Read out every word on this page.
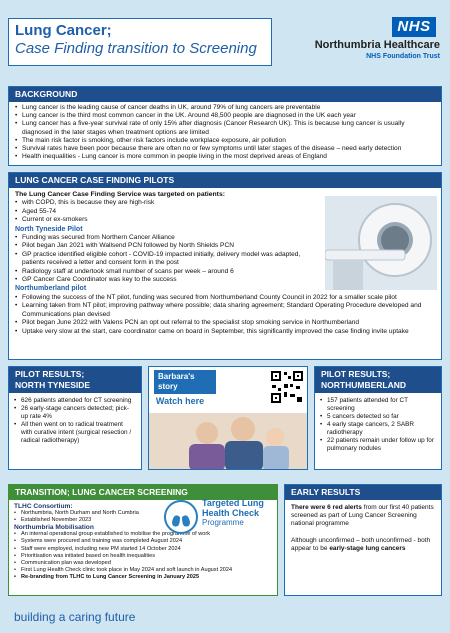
Lung Cancer;
Case Finding transition to Screening
NHS
Northumbria Healthcare
NHS Foundation Trust
BACKGROUND
• Lung cancer is the leading cause of cancer deaths in UK, around 79% of lung cancers are preventable
• Lung cancer is the third most common cancer in the UK. Around 48,500 people are diagnosed in the UK each year
• Lung cancer has a five-year survival rate of only 15% after diagnosis (Cancer Research UK). This is because lung cancer is usually diagnosed in the later stages when treatment options are limited
• The main risk factor is smoking, other risk factors include workplace exposure, air pollution
• Survival rates have been poor because there are often no or few symptoms until later stages of the disease – need early detection
• Health inequalities - Lung cancer is more common in people living in the most deprived areas of England
LUNG CANCER CASE FINDING PILOTS
The Lung Cancer Case Finding Service was targeted on patients:
• with COPD, this is because they are high-risk
• Aged 55-74
• Current or ex-smokers
North Tyneside Pilot
• Funding was secured from Northern Cancer Alliance
• Pilot began Jan 2021 with Wallsend PCN followed by North Shields PCN
• GP practice identified eligible cohort - COVID-19 impacted initially, delivery model was adapted, patients received a letter and consent form in the post
• Radiology staff at undertook small number of scans per week – around 6
• GP Cancer Care Coordinator was key to the success
Northumberland pilot
• Following the success of the NT pilot, funding was secured from Northumberland County Council in 2022 for a smaller scale pilot
• Learning taken from NT pilot; improving pathway where possible; data sharing agreement; Standard Operating Procedure developed and Communications plan devised
• Pilot began June 2022 with Valens PCN an opt out referral to the specialist stop smoking service in Northumberland
• Uptake very slow at the start, care coordinator came on board in September, this significantly improved the case finding invite uptake
PILOT RESULTS;
NORTH TYNESIDE
• 626 patients attended for CT screening
• 26 early-stage cancers detected; pick-up rate 4%
• All then went on to radical treatment with curative intent (surgical resection / radical radiotherapy)
Barbara's story
Watch here
PILOT RESULTS;
NORTHUMBERLAND
• 157 patients attended for CT screening
• 5 cancers detected so far
• 4 early stage cancers, 2 SABR radiotherapy
• 22 patients remain under follow up for pulmonary nodules
TRANSITION; LUNG CANCER SCREENING
TLHC Consortium:
• Northumbria, North Durham and North Cumbria
• Established November 2023
Northumbria Mobilisation
• An internal operational group established to mobilise the programme of work
• Systems were procured and training was completed August 2024
• Staff were employed, including new PM started 14 October 2024
• Prioritisation was initiated based on health inequalities
• Communication plan was developed
• First Lung Health Check clinic took place in May 2024 and soft launch in August 2024
• Re-branding from TLHC to Lung Cancer Screening in January 2025
Targeted Lung
Health Check
Programme
EARLY RESULTS

There were 6 red alerts from our first 40 patients screened as part of Lung Cancer Screening national programme

Although unconfirmed – both unconfirmed - both appear to be early-stage lung cancers

building a caring future
